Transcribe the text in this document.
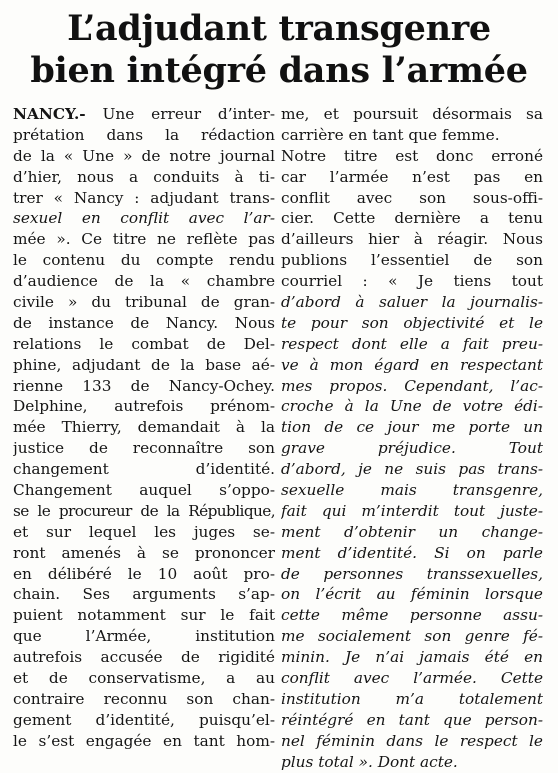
L’adjudant transgenre
bien intégré dans l’armée
NANCY.- Une erreur d’inter-
prétation dans la rédaction
de la « Une » de notre journal
d’hier, nous a conduits à ti-
trer « Nancy : adjudant trans-
sexuel en conflit avec l’ar-
mée ». Ce titre ne reflète pas
le contenu du compte rendu
d’audience de la « chambre
civile » du tribunal de gran-
de instance de Nancy. Nous
relations le combat de Del-
phine, adjudant de la base aé-
rienne 133 de Nancy-Ochey.
Delphine, autrefois prénom-
mée Thierry, demandait à la
justice de reconnaître son
changement d’identité.
Changement auquel s’oppo-
se le procureur de la République,
et sur lequel les juges se-
ront amenés à se prononcer
en délibéré le 10 août pro-
chain. Ses arguments s’ap-
puient notamment sur le fait
que l’Armée, institution
autrefois accusée de rigidité
et de conservatisme, a au
contraire reconnu son chan-
gement d’identité, puisqu’el-
le s’est engagée en tant hom-
me, et poursuit désormais sa
carrière en tant que femme.
Notre titre est donc erroné
car l’armée n’est pas en
conflit avec son sous-offi-
cier. Cette dernière a tenu
d’ailleurs hier à réagir. Nous
publions l’essentiel de son
courriel : « Je tiens tout
d’abord à saluer la journalis-
te pour son objectivité et le
respect dont elle a fait preu-
ve à mon égard en respectant
mes propos. Cependant, l’ac-
croche à la Une de votre édi-
tion de ce jour me porte un
grave préjudice. Tout
d’abord, je ne suis pas trans-
sexuelle mais transgenre,
fait qui m’interdit tout juste-
ment d’obtenir un change-
ment d’identité. Si on parle
de personnes transsexuelles,
on l’écrit au féminin lorsque
cette même personne assu-
me socialement son genre fé-
minin. Je n’ai jamais été en
conflit avec l’armée. Cette
institution m’a totalement
réintégré en tant que person-
nel féminin dans le respect le
plus total ». Dont acte.
